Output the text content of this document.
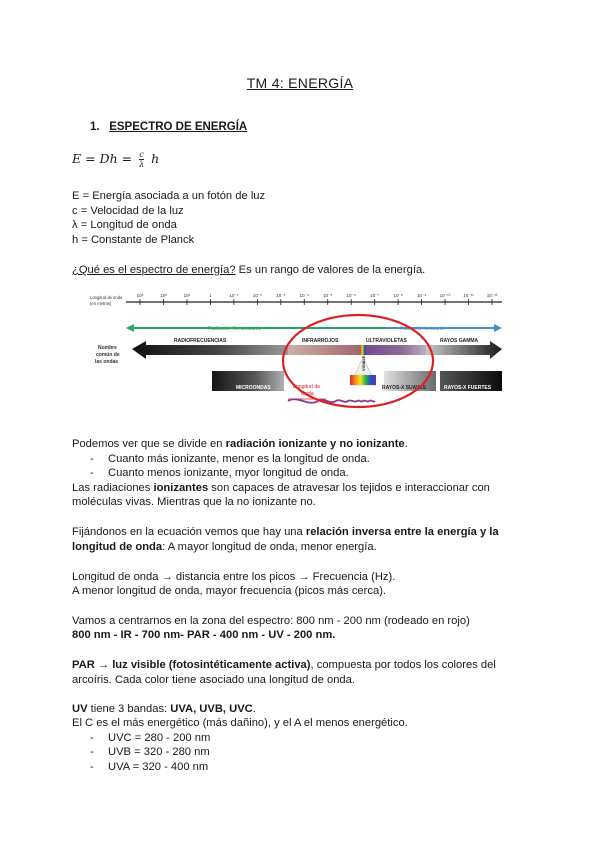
TM 4: ENERGÍA
1. ESPECTRO DE ENERGÍA
$E = Dh = \frac{c}{\lambda}$ h
E = Energía asociada a un fotón de luz
c = Velocidad de la luz
λ = Longitud de onda
h = Constante de Planck
¿Qué es el espectro de energía? Es un rango de valores de la energía.
Longitud de onda
(en metros)
10³	10²	10¹	1	10⁻¹	10⁻²	10⁻³	10⁻⁴	10⁻⁵	10⁻⁶	10⁻⁷	10⁻⁸	10⁻⁹	10⁻¹⁰	10⁻¹¹	10⁻¹²
Radiación No ionizante	Radiación ionizante
Nombre
común de
las ondas
RADIOFRECUENCIAS	INFRARROJOS	ULTRAVIOLETAS	RAYOS GAMMA
VISIBLE
MICROONDAS	Longitud de
Onda
RAYOS-X SUAVES	RAYOS-X FUERTES
Podemos ver que se divide en radiación ionizante y no ionizante.
- Cuanto más ionizante, menor es la longitud de onda.
- Cuanto menos ionizante, myor longitud de onda.
Las radiaciones ionizantes son capaces de atravesar los tejidos e interaccionar con
moléculas vivas. Mientras que la no ionizante no.
Fijándonos en la ecuación vemos que hay una relación inversa entre la energía y la
longitud de onda: A mayor longitud de onda, menor energía.
Longitud de onda → distancia entre los picos → Frecuencia (Hz).
A menor longitud de onda, mayor frecuencia (picos más cerca).
Vamos a centrarnos en la zona del espectro: 800 nm - 200 nm (rodeado en rojo)
800 nm - IR - 700 nm- PAR - 400 nm - UV - 200 nm.
PAR → luz visible (fotosintéticamente activa), compuesta por todos los colores del
arcoíris. Cada color tiene asociado una longitud de onda.
UV tiene 3 bandas: UVA, UVB, UVC.
El C es el más energético (más dañino), y el A el menos energético.
- UVC = 280 - 200 nm
- UVB = 320 - 280 nm
- UVA = 320 - 400 nm
